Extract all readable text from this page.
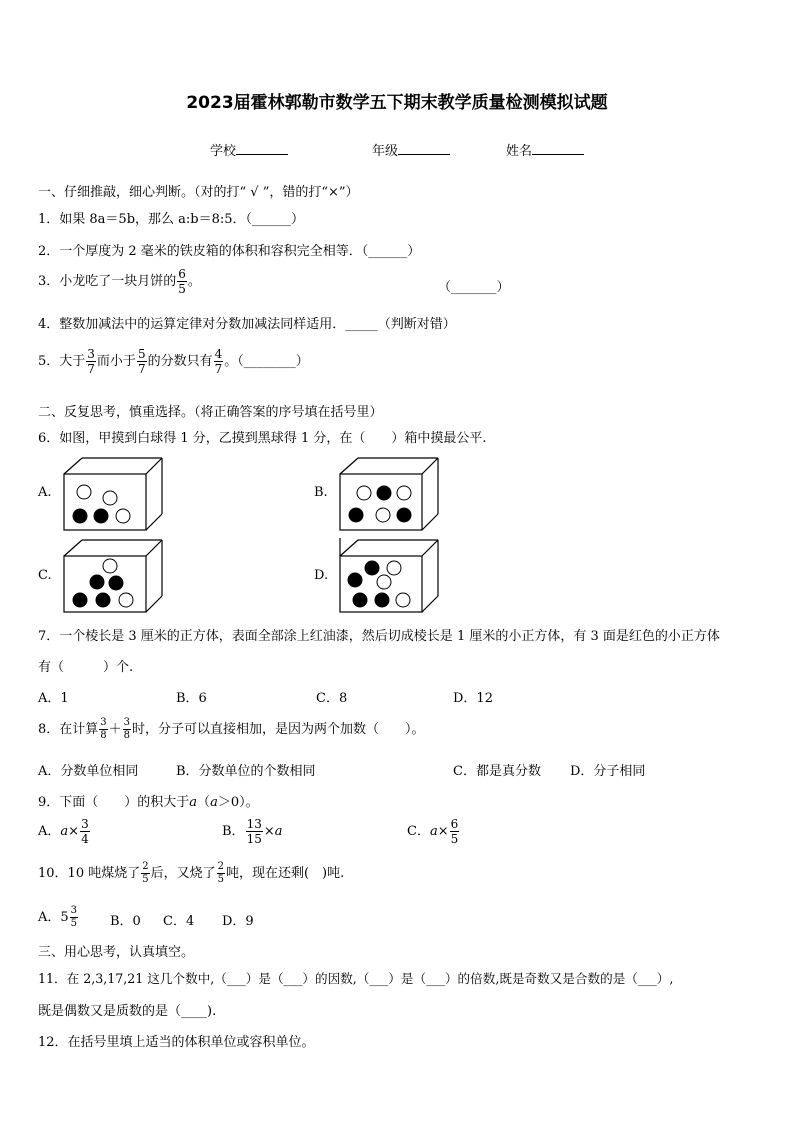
2023届霍林郭勒市数学五下期末教学质量检测模拟试题
学校	年级	姓名
一、仔细推敲，细心判断。（对的打“ √ ”，错的打“×”）
1．如果 8a＝5b，那么 a:b＝8:5．（______）
2．一个厚度为 2 毫米的铁皮箱的体积和容积完全相等．（______）
3．小龙吃了一块月饼的 $\frac{6}{5}$ 。	（_______）
4．整数加减法中的运算定律对分数加减法同样适用．_____（判断对错）
5．大于 $\frac{3}{7}$ 而小于 $\frac{5}{7}$ 的分数只有 $\frac{4}{7}$ 。（________）
二、反复思考，慎重选择。（将正确答案的序号填在括号里）
6．如图，甲摸到白球得 1 分，乙摸到黑球得 1 分，在（　　）箱中摸最公平.
A.	B.
C.	D.
7．一个棱长是 3 厘米的正方体，表面全部涂上红油漆，然后切成棱长是 1 厘米的小正方体，有 3 面是红色的小正方体
有（　　　）个.
A．1	B．6	C．8	D．12
8．在计算 $\frac{3}{8} + \frac{3}{8}$ 时，分子可以直接相加，是因为两个加数（　　）。
A．分数单位相同	B．分数单位的个数相同	C．都是真分数 D．分子相同
9．下面（　　）的积大于a（a＞0）。
A．$a\times \frac{3}{4}$	B． $\frac{13}{15} \times a$	C．$a\times \frac{6}{5}$
10．10 吨煤烧了 $\frac{2}{5}$ 后，又烧了 $\frac{2}{5}$ 吨，现在还剩(　)吨.
A．$5 \frac{3}{5}$ B．0 C．4 D．9
三、用心思考，认真填空。
11．在 2,3,17,21 这几个数中,（___）是（___）的因数,（___）是（___）的倍数,既是奇数又是合数的是（___）,
既是偶数又是质数的是（____).
12．在括号里填上适当的体积单位或容积单位。
